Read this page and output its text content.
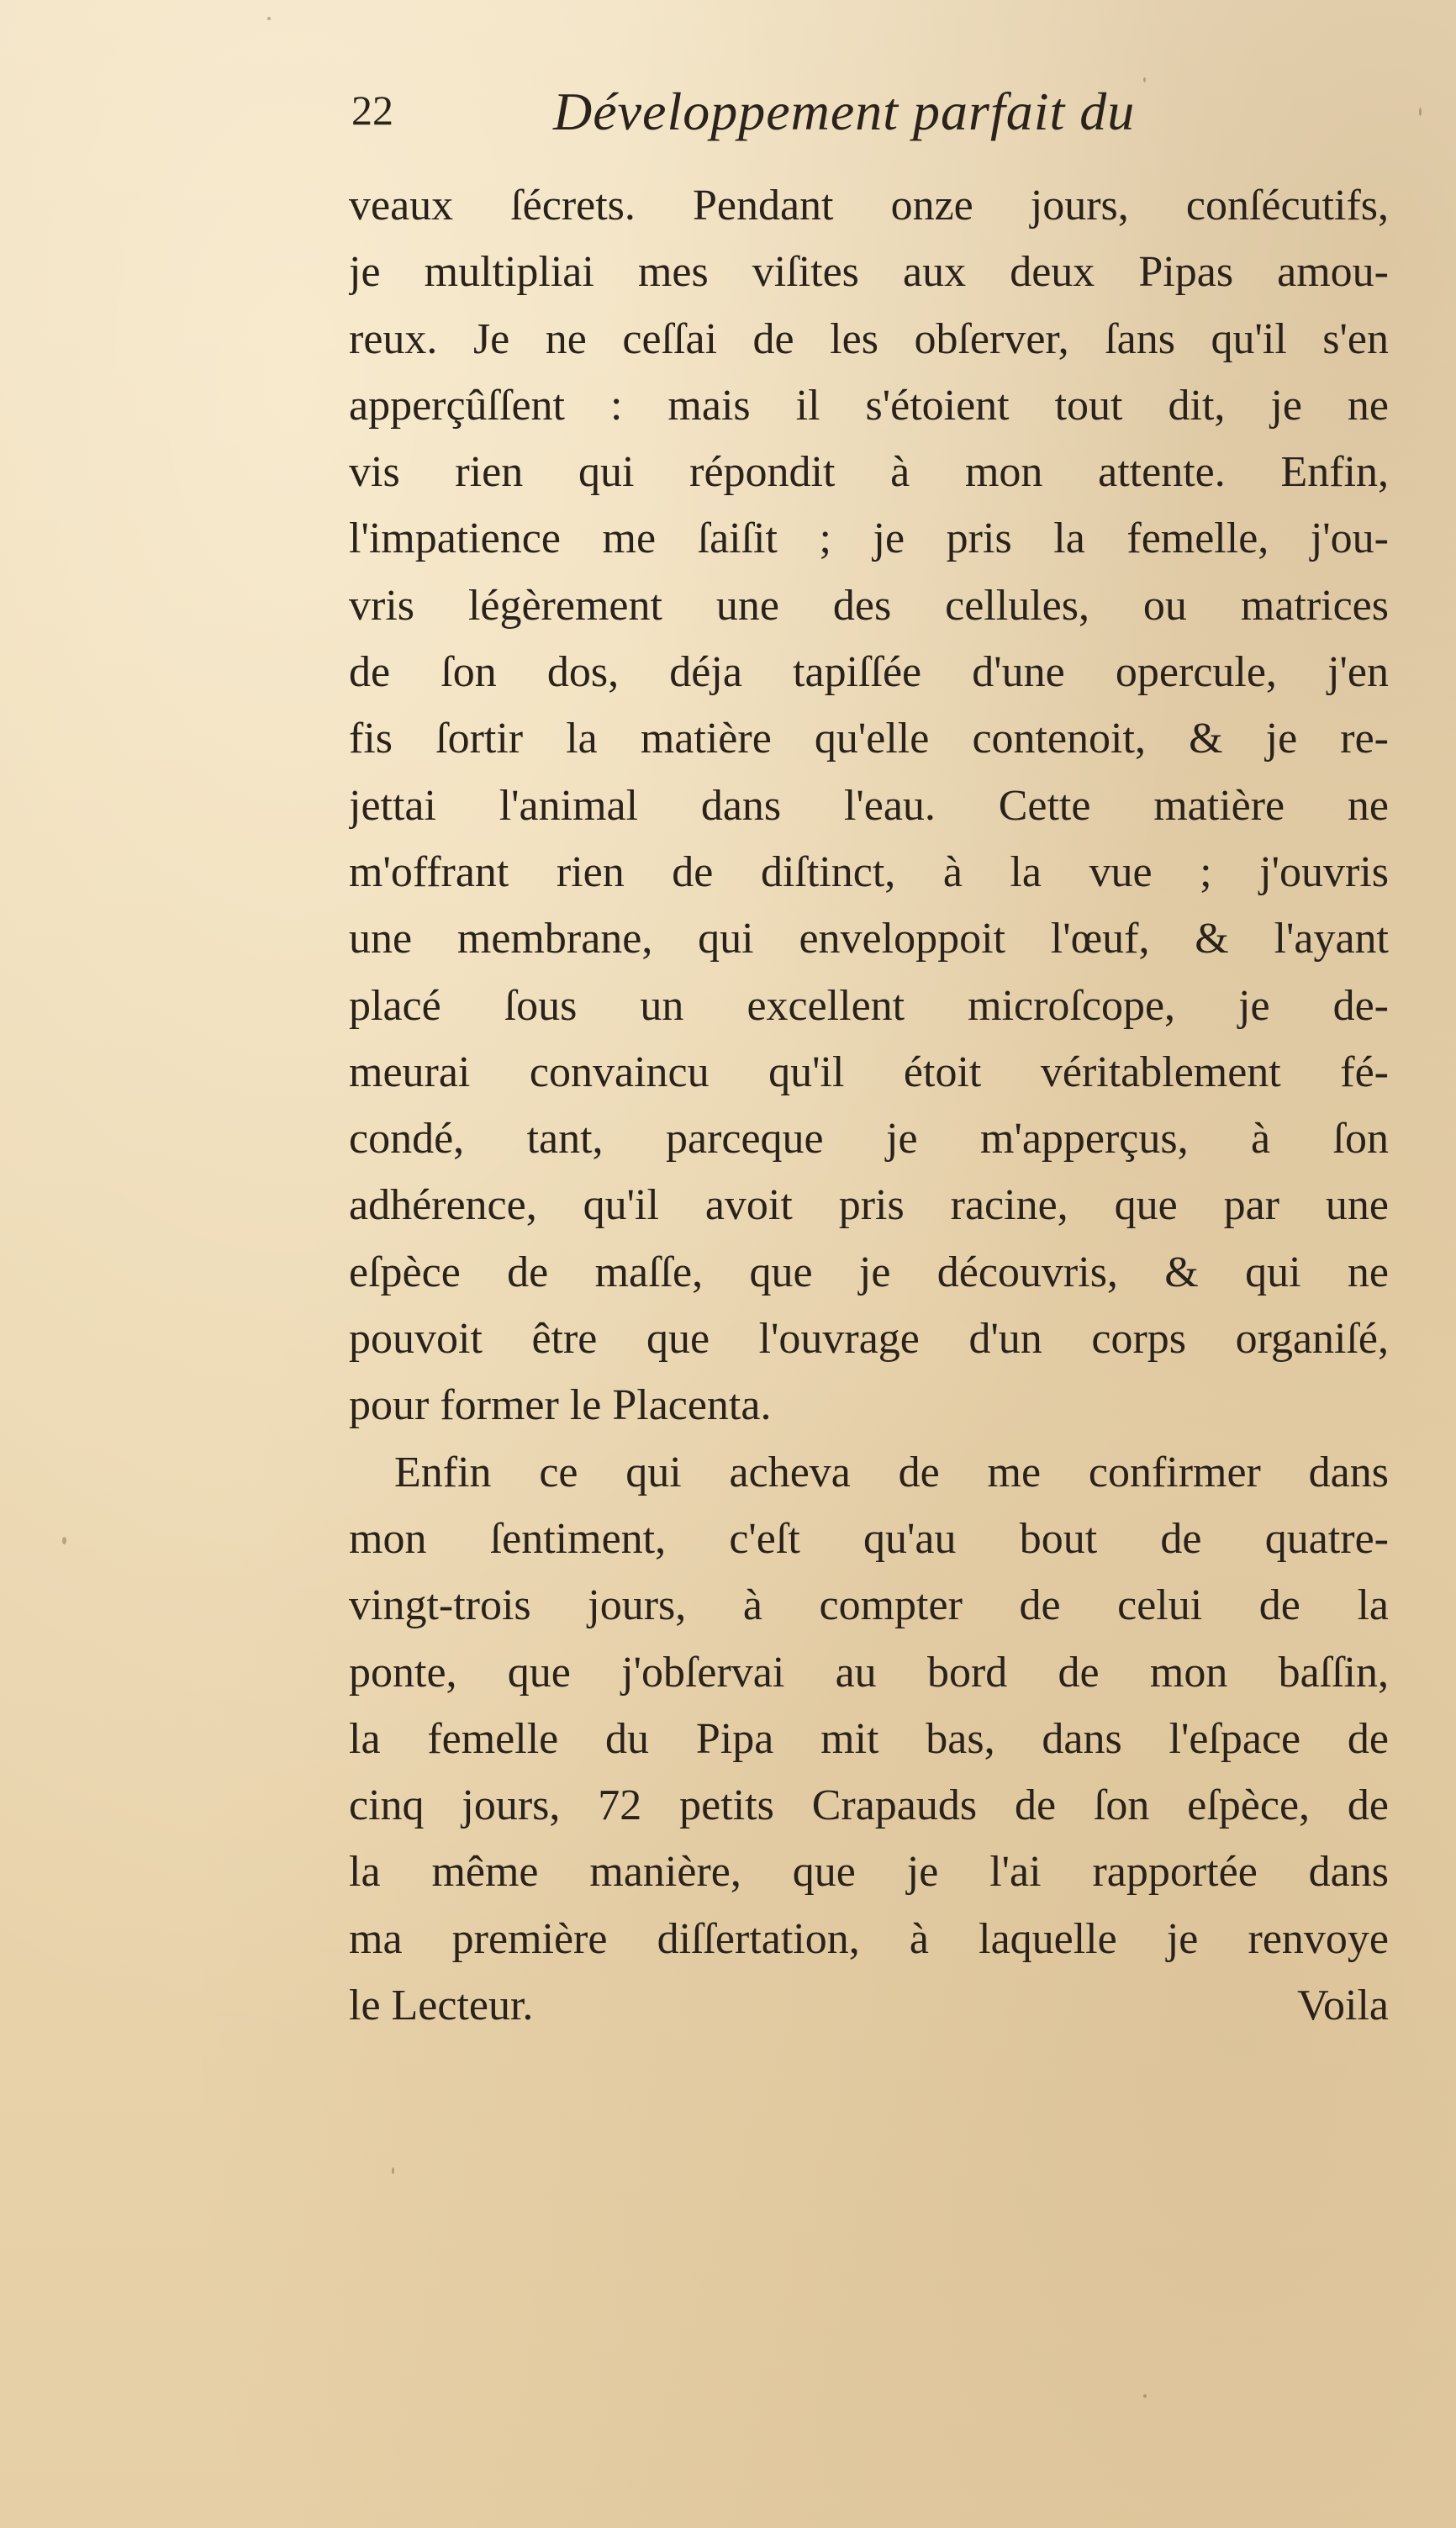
22	Développement parfait du
veaux ſécrets. Pendant onze jours, conſécutifs,
je multipliai mes viſites aux deux Pipas amou-
reux. Je ne ceſſai de les obſerver, ſans qu'il s'en
apperçûſſent : mais il s'étoient tout dit, je ne
vis rien qui répondit à mon attente. Enfin,
l'impatience me ſaiſit ; je pris la femelle, j'ou-
vris légèrement une des cellules, ou matrices
de ſon dos, déja tapiſſée d'une opercule, j'en
fis ſortir la matière qu'elle contenoit, & je re-
jettai l'animal dans l'eau. Cette matière ne
m'offrant rien de diſtinct, à la vue ; j'ouvris
une membrane, qui enveloppoit l'œuf, & l'ayant
placé ſous un excellent microſcope, je de-
meurai convaincu qu'il étoit véritablement fé-
condé, tant, parceque je m'apperçus, à ſon
adhérence, qu'il avoit pris racine, que par une
eſpèce de maſſe, que je découvris, & qui ne
pouvoit être que l'ouvrage d'un corps organiſé,
pour former le Placenta.
Enfin ce qui acheva de me confirmer dans
mon ſentiment, c'eſt qu'au bout de quatre-
vingt-trois jours, à compter de celui de la
ponte, que j'obſervai au bord de mon baſſin,
la femelle du Pipa mit bas, dans l'eſpace de
cinq jours, 72 petits Crapauds de ſon eſpèce, de
la même manière, que je l'ai rapportée dans
ma première diſſertation, à laquelle je renvoye
le Lecteur.	Voila
